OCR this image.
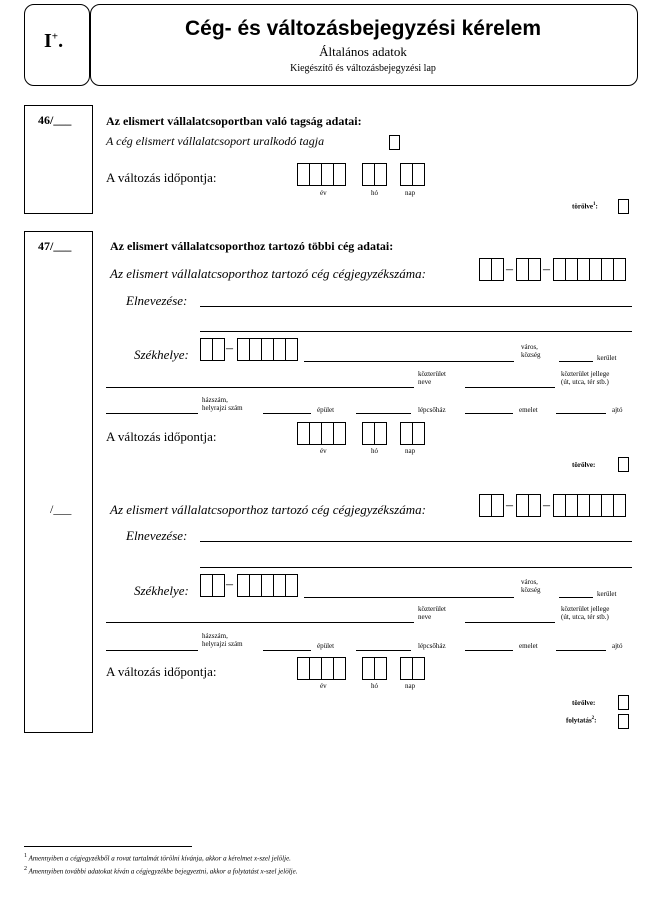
I+.
Cég- és változásbejegyzési kérelem
Általános adatok
Kiegészítő és változásbejegyzési lap
46/___	Az elismert vállalatcsoportban való tagság adatai:
A cég elismert vállalatcsoport uralkodó tagja
A változás időpontja:
év	hó	nap
törölve$^1$:
47/___	Az elismert vállalatcsoporthoz tartozó többi cég adatai:
Az elismert vállalatcsoporthoz tartozó cég cégjegyzékszáma:	– –
Elnevezése:
Székhelye:	–	város,
község	kerület
közterület
neve
közterület jellege
(út, utca, tér stb.)
házszám,
helyrajzi szám	épület	lépcsőház	emelet	ajtó
A változás időpontja:
év	hó	nap
törölve:
/___	Az elismert vállalatcsoporthoz tartozó cég cégjegyzékszáma:	– –
Elnevezése:
Székhelye:	–	város,
község	kerület
közterület
neve
közterület jellege
(út, utca, tér stb.)
házszám,
helyrajzi szám	épület	lépcsőház	emelet	ajtó
A változás időpontja:
év	hó	nap
törölve:
folytatás$^2$:
$^1$ Amennyiben a cégjegyzékből a rovat tartalmát törölni kívánja, akkor a kérelmet x-szel jelölje.
$^2$ Amennyiben további adatokat kíván a cégjegyzékbe bejegyeztni, akkor a folytatást x-szel jelölje.
